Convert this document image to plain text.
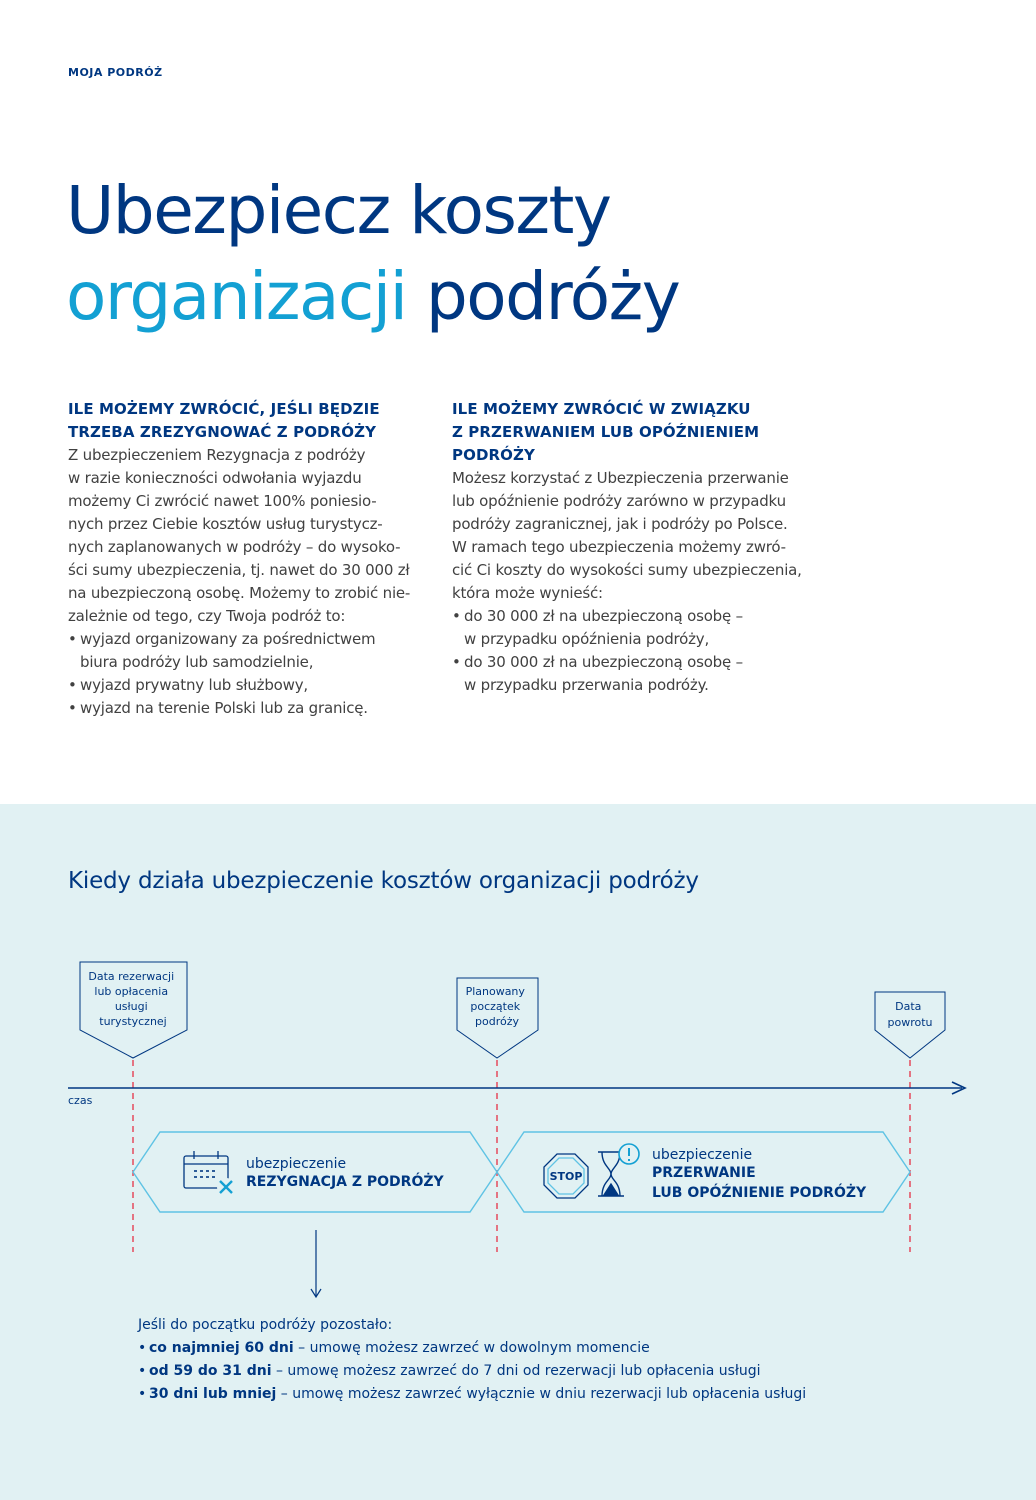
MOJA PODRÓŻ
Ubezpiecz koszty
organizacji podróży
ILE MOŻEMY ZWRÓCIĆ, JEŚLI BĘDZIE
TRZEBA ZREZYGNOWAĆ Z PODRÓŻY

Z ubezpieczeniem Rezygnacja z podróży
w razie konieczności odwołania wyjazdu
możemy Ci zwrócić nawet 100% poniesio-
nych przez Ciebie kosztów usług turystycz-
nych zaplanowanych w podróży – do wysoko-
ści sumy ubezpieczenia, tj. nawet do 30 000 zł
na ubezpieczoną osobę. Możemy to zrobić nie-
zależnie od tego, czy Twoja podróż to:

• wyjazd organizowany za pośrednictwem
biura podróży lub samodzielnie,
• wyjazd prywatny lub służbowy,
• wyjazd na terenie Polski lub za granicę.
ILE MOŻEMY ZWRÓCIĆ W ZWIĄZKU
Z PRZERWANIEM LUB OPÓŹNIENIEM
PODRÓŻY

Możesz korzystać z Ubezpieczenia przerwanie
lub opóźnienie podróży zarówno w przypadku
podróży zagranicznej, jak i podróży po Polsce.
W ramach tego ubezpieczenia możemy zwró-
cić Ci koszty do wysokości sumy ubezpieczenia,
która może wynieść:

• do 30 000 zł na ubezpieczoną osobę –
w przypadku opóźnienia podróży,
• do 30 000 zł na ubezpieczoną osobę –
w przypadku przerwania podróży.
Kiedy działa ubezpieczenie kosztów organizacji podróży
Data rezerwacji lub opłacenia usługi turystycznej
Planowany początek podróży
Data powrotu
czas
ubezpieczenie
REZYGNACJA Z PODRÓŻY	STOP
ubezpieczenie
PRZERWANIE
LUB OPÓŹNIENIE PODRÓŻY

Jeśli do początku podróży pozostało:

• co najmniej 60 dni – umowę możesz zawrzeć w dowolnym momencie
• od 59 do 31 dni – umowę możesz zawrzeć do 7 dni od rezerwacji lub opłacenia usługi
• 30 dni lub mniej – umowę możesz zawrzeć wyłącznie w dniu rezerwacji lub opłacenia usługi
